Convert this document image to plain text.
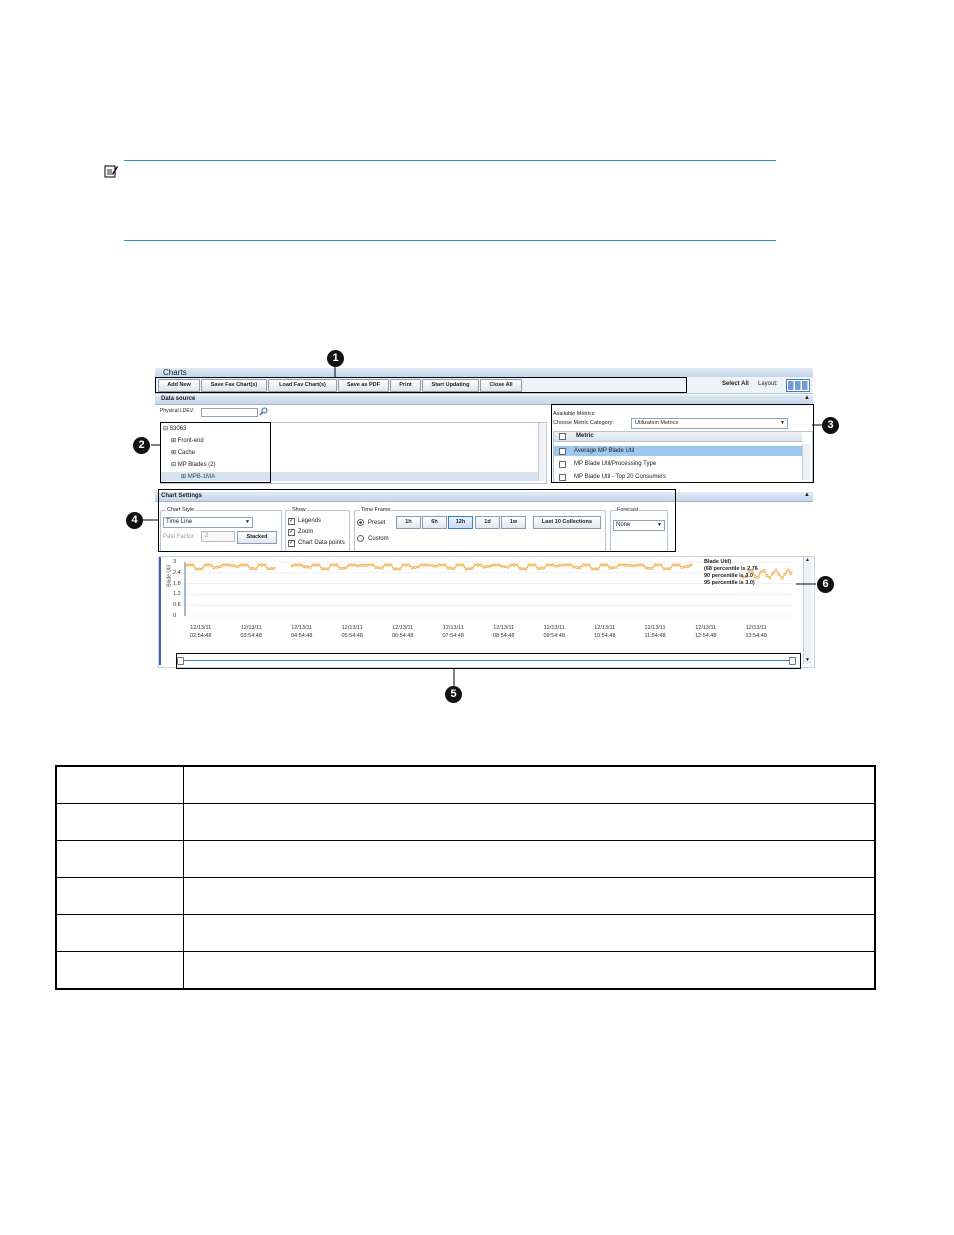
Charts
Add New	Save Fav Chart(s)	Load Fav Chart(s)	Save as PDF	Print	Start Updating	Close All	Select All Layout:
Data source	▲
Physical LDEV:
⊟ 53063
⊞ Front-end
⊞ Cache
⊟ MP Blades (2)
⊞ MPB-1MA
Available Metrics
Choose Metric Category:	Utilization Metrics	▼
Metric
Average MP Blade Util
MP Blade Util/Processing Type
MP Blade Util - Top 20 Consumers
Chart Settings	▲
Chart Style
Time Line	▼
Past Factor: 2	Stacked
Show
✓ Legends
✓ Zoom
✓ Chart Data points
Time Frame
Preset
Custom
1h	6h	12h	1d	1w	Last 10 Collections
Forecast
None	▼
Blade Util
Blade Util)
(68 percentile is 2.76
90 percentile is 3.0
95 percentile is 3.0)
▲
▼
3
2.4
1.8
1.2
0.6
0
12/13/11
02:54:48
12/13/11
03:54:48
12/13/11
04:54:48
12/13/11
05:54:48
12/13/11
06:54:48
12/13/11
07:54:48
12/13/11
08:54:48
12/13/11
09:54:48
12/13/11
10:54:48
12/13/11
11:54:48
12/13/11
12:54:48
12/13/11
13:54:48
1
2
3
4
5
6
